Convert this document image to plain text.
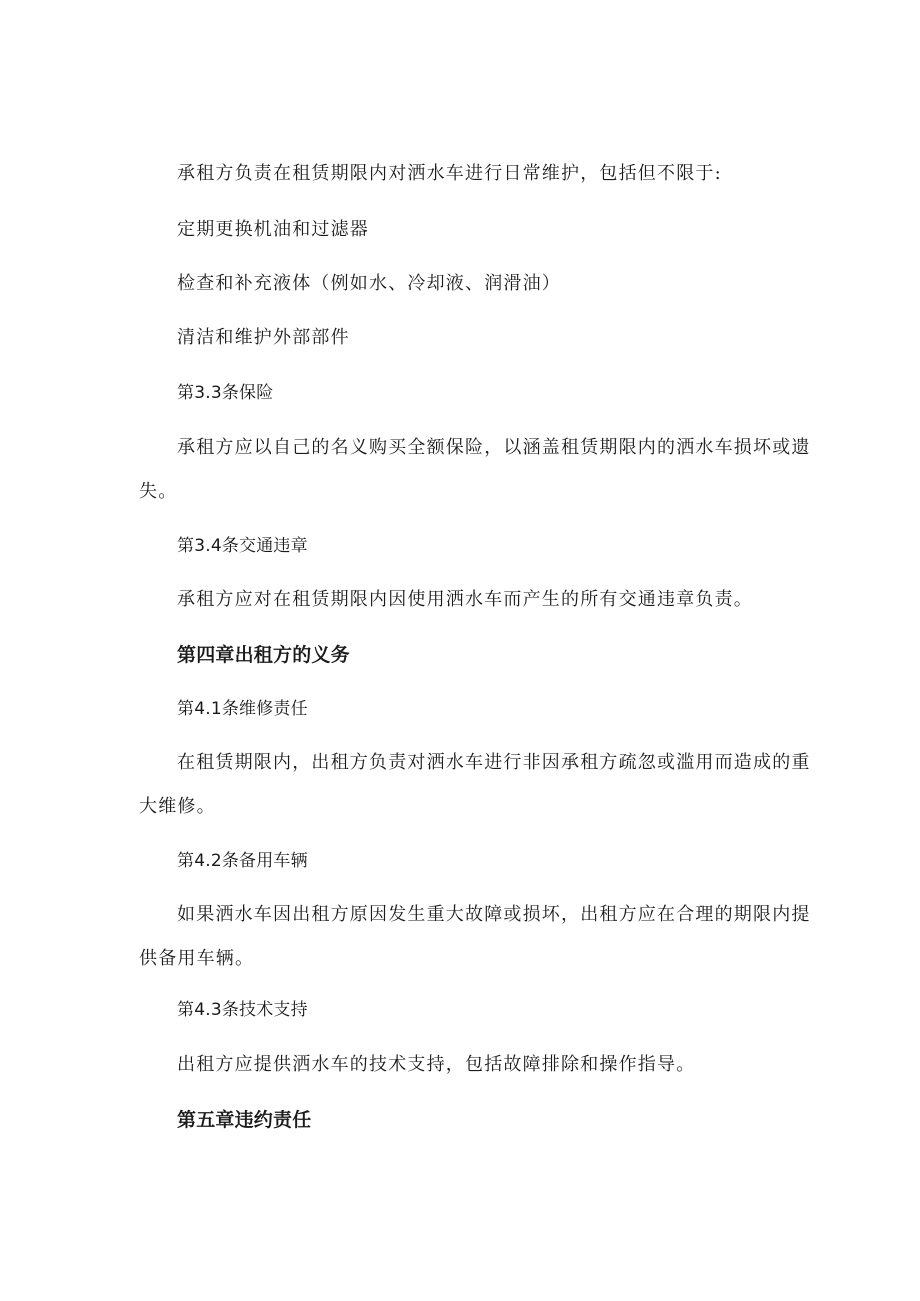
承租方负责在租赁期限内对洒水车进行日常维护，包括但不限于:
定期更换机油和过滤器
检查和补充液体（例如水、冷却液、润滑油）
清洁和维护外部部件
第3.3条保险
承租方应以自己的名义购买全额保险，以涵盖租赁期限内的洒水车损坏或遗
失。
第3.4条交通违章
承租方应对在租赁期限内因使用洒水车而产生的所有交通违章负责。
第四章出租方的义务
第4.1条维修责任
在租赁期限内，出租方负责对洒水车进行非因承租方疏忽或滥用而造成的重
大维修。
第4.2条备用车辆
如果洒水车因出租方原因发生重大故障或损坏，出租方应在合理的期限内提
供备用车辆。
第4.3条技术支持
出租方应提供洒水车的技术支持，包括故障排除和操作指导。
第五章违约责任
